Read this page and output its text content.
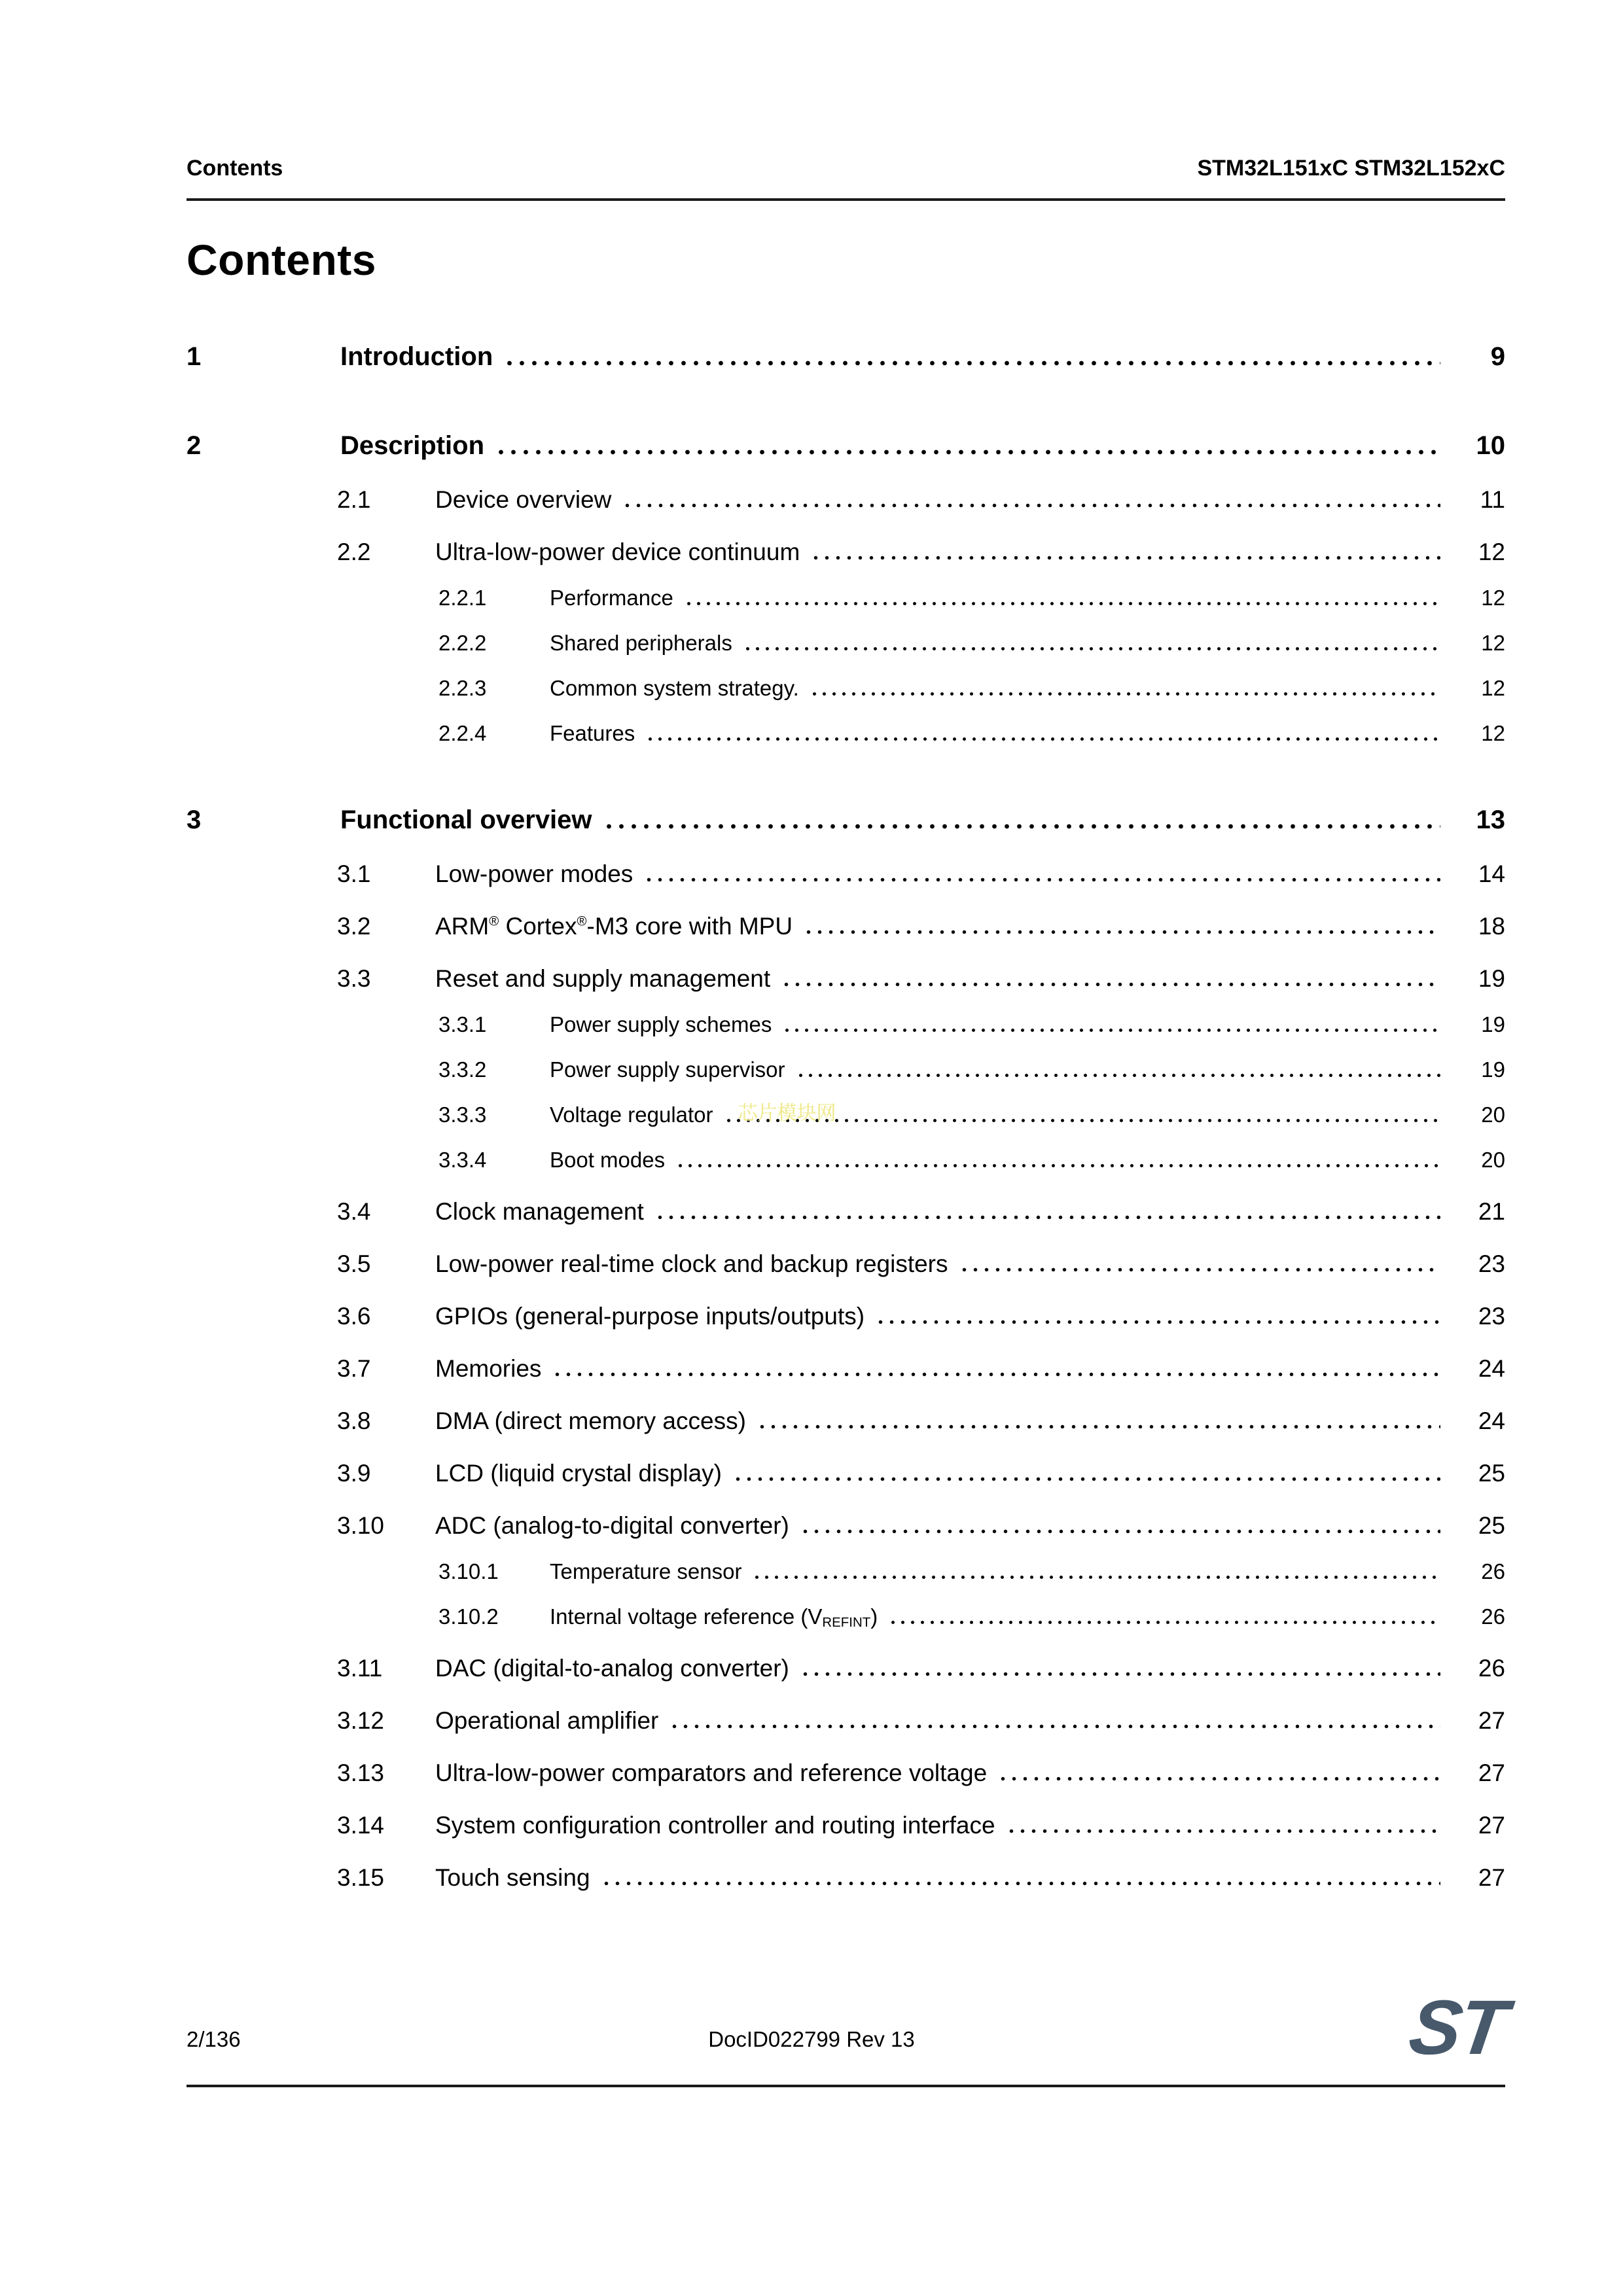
Contents	STM32L151xC STM32L152xC
Contents
1	Introduction	9
2	Description	10
2.1	Device overview	11
2.2	Ultra-low-power device continuum	12
2.2.1	Performance	12
2.2.2	Shared peripherals	12
2.2.3	Common system strategy.	12
2.2.4	Features	12
3	Functional overview	13
3.1	Low-power modes	14
3.2	ARM® Cortex®-M3 core with MPU	18
3.3	Reset and supply management	19
3.3.1	Power supply schemes	19
3.3.2	Power supply supervisor	19
3.3.3	Voltage regulator 芯片模块网	20
3.3.4	Boot modes	20
3.4	Clock management	21
3.5	Low-power real-time clock and backup registers	23
3.6	GPIOs (general-purpose inputs/outputs)	23
3.7	Memories	24
3.8	DMA (direct memory access)	24
3.9	LCD (liquid crystal display)	25
3.10	ADC (analog-to-digital converter)	25
3.10.1	Temperature sensor	26
3.10.2	Internal voltage reference $(V_{REFINT})$	26
3.11	DAC (digital-to-analog converter)	26
3.12	Operational amplifier	27
3.13	Ultra-low-power comparators and reference voltage	27
3.14	System configuration controller and routing interface	27
3.15	Touch sensing	27
2/136	DocID022799 Rev 13	ST
